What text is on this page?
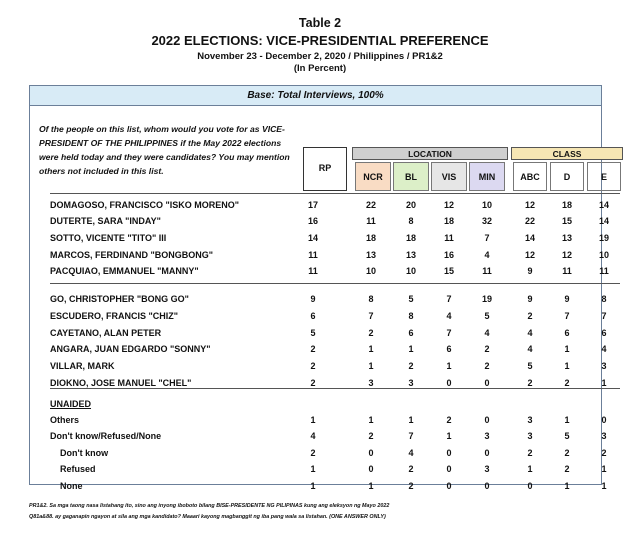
Table 2
2022 ELECTIONS: VICE-PRESIDENTIAL PREFERENCE
November 23 - December 2, 2020 / Philippines / PR1&2
(In Percent)
Base: Total Interviews, 100%
Of the people on this list, whom would you vote for as VICE-PRESIDENT OF THE PHILIPPINES if the May 2022 elections were held today and they were candidates? You may mention others not included in this list.	RP
LOCATION	CLASS
NCR	BL	VIS	MIN	ABC	D	E
DOMAGOSO, FRANCISCO "ISKO MORENO"	17	22	20	12	10	12	18	14
DUTERTE, SARA "INDAY"	16	11	8	18	32	22	15	14
SOTTO, VICENTE "TITO" III	14	18	18	11	7	14	13	19
MARCOS, FERDINAND "BONGBONG"	11	13	13	16	4	12	12	10
PACQUIAO, EMMANUEL "MANNY"	11	10	10	15	11	9	11	11
GO, CHRISTOPHER "BONG GO"	9	8	5	7	19	9	9	8
ESCUDERO, FRANCIS "CHIZ"	6	7	8	4	5	2	7	7
CAYETANO, ALAN PETER	5	2	6	7	4	4	6	6
ANGARA, JUAN EDGARDO "SONNY"	2	1	1	6	2	4	1	4
VILLAR, MARK	2	1	2	1	2	5	1	3
DIOKNO, JOSE MANUEL "CHEL"	2	3	3	0	0	2	2	1
UNAIDED
Others	1	1	1	2	0	3	1	0
Don't know/Refused/None	4	2	7	1	3	3	5	3
Don't know	2	0	4	0	0	2	2	2
Refused	1	0	2	0	3	1	2	1
None	1	1	2	0	0	0	1	1
PR1&2. Sa mga taong nasa listahang ito, sino ang inyong iboboto bilang BISE-PRESIDENTE NG PILIPINAS kung ang eleksyon ng Mayo 2022
Q81a&88. ay gaganapin ngayon at sila ang mga kandidato? Maaari kayong magbanggit ng iba pang wala sa listahan. (ONE ANSWER ONLY)
